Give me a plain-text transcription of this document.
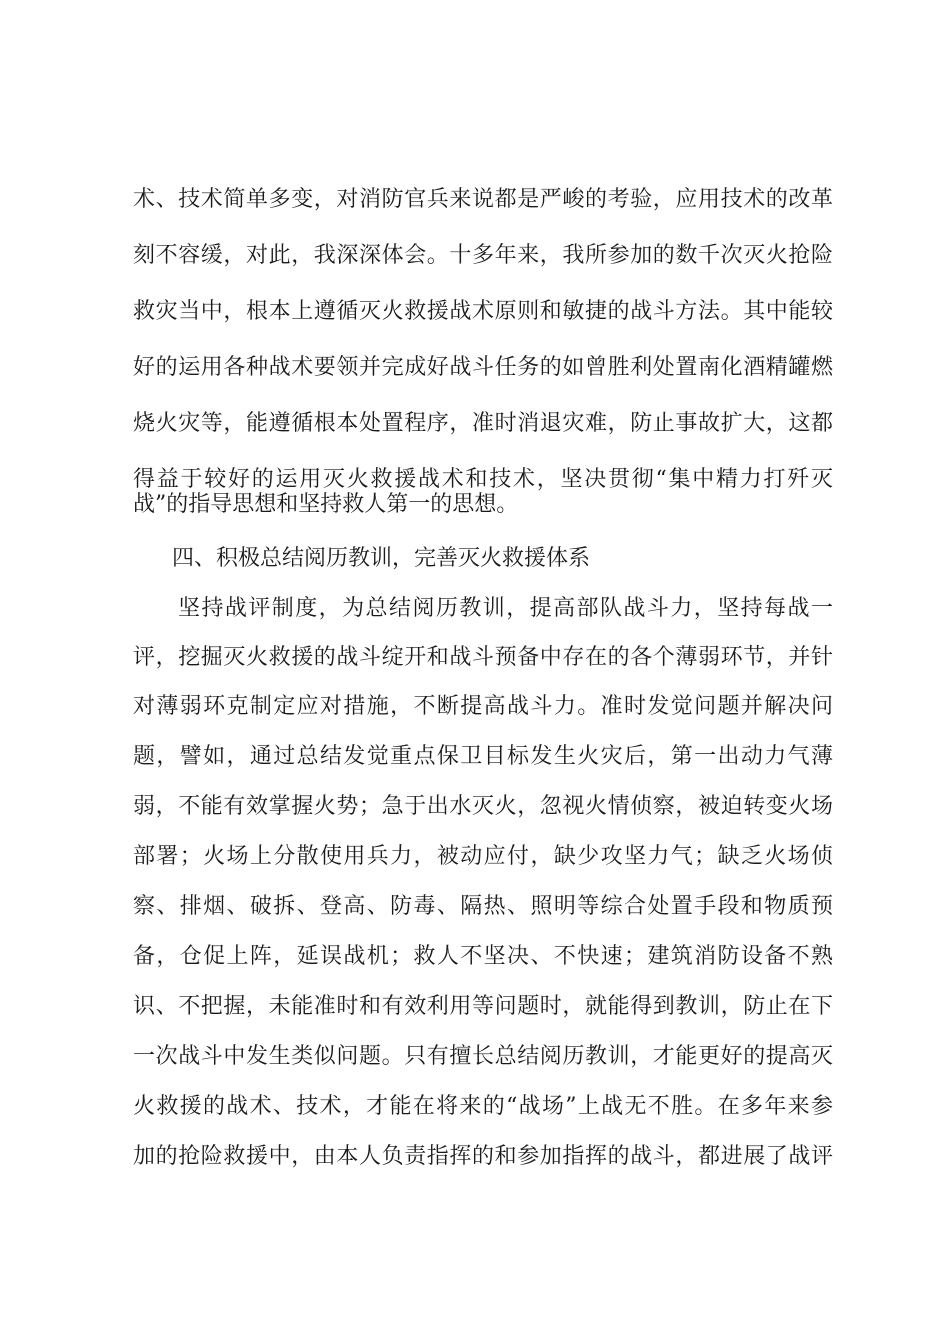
术、技术简单多变，对消防官兵来说都是严峻的考验，应用技术的改革

刻不容缓，对此，我深深体会。十多年来，我所参加的数千次灭火抢险

救灾当中，根本上遵循灭火救援战术原则和敏捷的战斗方法。其中能较

好的运用各种战术要领并完成好战斗任务的如曾胜利处置南化酒精罐燃

烧火灾等，能遵循根本处置程序，准时消退灾难，防止事故扩大，这都

得益于较好的运用灭火救援战术和技术，坚决贯彻“集中精力打歼灭

战”的指导思想和坚持救人第一的思想。

四、积极总结阅历教训，完善灭火救援体系

坚持战评制度，为总结阅历教训，提高部队战斗力，坚持每战一

评，挖掘灭火救援的战斗绽开和战斗预备中存在的各个薄弱环节，并针

对薄弱环克制定应对措施，不断提高战斗力。准时发觉问题并解决问

题，譬如，通过总结发觉重点保卫目标发生火灾后，第一出动力气薄

弱，不能有效掌握火势；急于出水灭火，忽视火情侦察，被迫转变火场

部署；火场上分散使用兵力，被动应付，缺少攻坚力气；缺乏火场侦

察、排烟、破拆、登高、防毒、隔热、照明等综合处置手段和物质预

备，仓促上阵，延误战机；救人不坚决、不快速；建筑消防设备不熟

识、不把握，未能准时和有效利用等问题时，就能得到教训，防止在下

一次战斗中发生类似问题。只有擅长总结阅历教训，才能更好的提高灭

火救援的战术、技术，才能在将来的“战场”上战无不胜。在多年来参

加的抢险救援中，由本人负责指挥的和参加指挥的战斗，都进展了战评
